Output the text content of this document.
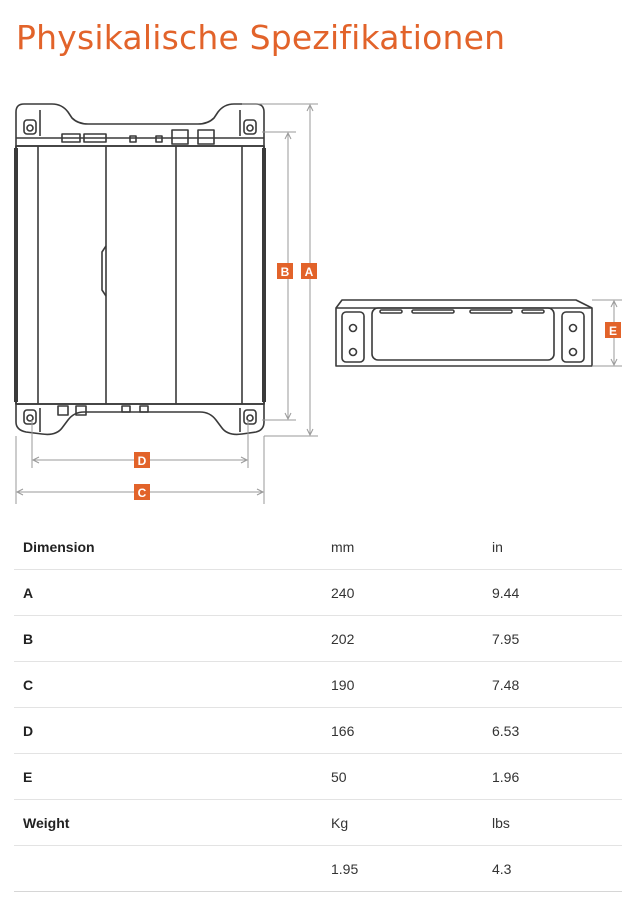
Physikalische Spezifikationen
B A
D
C
E
Dimension	mm	in
A	240	9.44
B	202	7.95
C	190	7.48
D	166	6.53
E	50	1.96
Weight	Kg	lbs
	1.95	4.3
